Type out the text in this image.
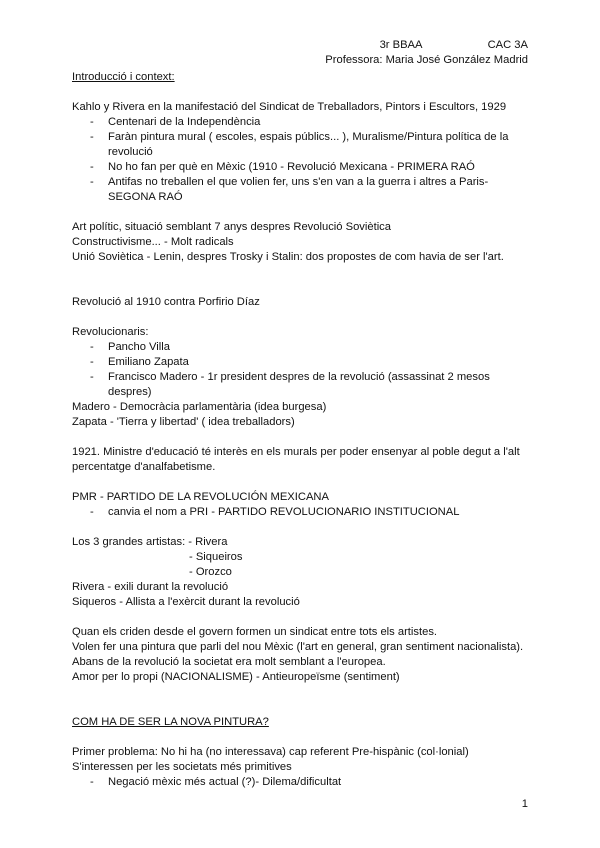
3r BBAA	CAC 3A
Professora: Maria José González Madrid
Introducció i context:
Kahlo y Rivera en la manifestació del Sindicat de Treballadors, Pintors i Escultors, 1929
- Centenari de la Independència
- Faràn pintura mural ( escoles, espais públics... ), Muralisme/Pintura política de la revolució
- No ho fan per què en Mèxic (1910 - Revolució Mexicana - PRIMERA RAÓ
- Antifas no treballen el que volien fer, uns s'en van a la guerra i altres a Paris- SEGONA RAÓ
Art polític, situació semblant 7 anys despres Revolució Soviètica
Constructivisme... - Molt radicals
Unió Soviètica - Lenin, despres Trosky i Stalin: dos propostes de com havia de ser l'art.
Revolució al 1910 contra Porfirio Díaz
Revolucionaris:
- Pancho Villa
- Emiliano Zapata
- Francisco Madero - 1r president despres de la revolució (assassinat 2 mesos despres)
Madero - Democràcia parlamentària (idea burgesa)
Zapata - 'Tierra y libertad' ( idea treballadors)
1921. Ministre d'educació té interès en els murals per poder ensenyar al poble degut a l'alt percentatge d'analfabetisme.
PMR - PARTIDO DE LA REVOLUCIÓN MEXICANA
- canvia el nom a PRI - PARTIDO REVOLUCIONARIO INSTITUCIONAL
Los 3 grandes artistas: - Rivera
- Siqueiros
- Orozco
Rivera - exili durant la revolució
Siqueros - Allista a l'exèrcit durant la revolució
Quan els criden desde el govern formen un sindicat entre tots els artistes.
Volen fer una pintura que parli del nou Mèxic (l'art en general, gran sentiment nacionalista).
Abans de la revolució la societat era molt semblant a l'europea.
Amor per lo propi (NACIONALISME) - Antieuropeïsme (sentiment)
COM HA DE SER LA NOVA PINTURA?
Primer problema: No hi ha (no interessava) cap referent Pre-hispànic (col·lonial)
S'interessen per les societats més primitives
- Negació mèxic més actual (?)- Dilema/dificultat
1
